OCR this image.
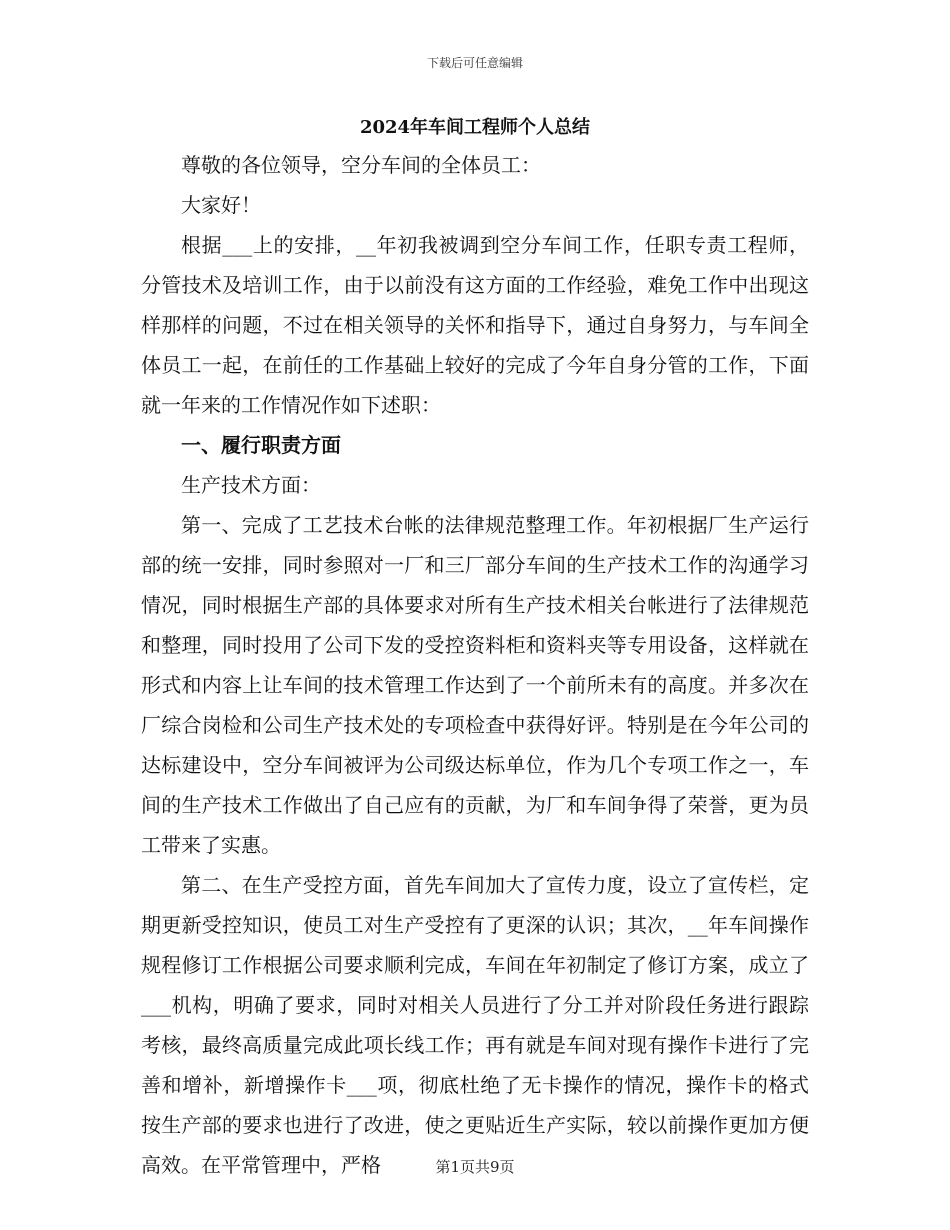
下载后可任意编辑
2024年车间工程师个人总结

尊敬的各位领导，空分车间的全体员工：

大家好！

根据___上的安排，__年初我被调到空分车间工作，任职专责工程师，分管技术及培训工作，由于以前没有这方面的工作经验，难免工作中出现这样那样的问题，不过在相关领导的关怀和指导下，通过自身努力，与车间全体员工一起，在前任的工作基础上较好的完成了今年自身分管的工作，下面就一年来的工作情况作如下述职：

一、履行职责方面

生产技术方面：

第一、完成了工艺技术台帐的法律规范整理工作。年初根据厂生产运行部的统一安排，同时参照对一厂和三厂部分车间的生产技术工作的沟通学习情况，同时根据生产部的具体要求对所有生产技术相关台帐进行了法律规范和整理，同时投用了公司下发的受控资料柜和资料夹等专用设备，这样就在形式和内容上让车间的技术管理工作达到了一个前所未有的高度。并多次在厂综合岗检和公司生产技术处的专项检查中获得好评。特别是在今年公司的达标建设中，空分车间被评为公司级达标单位，作为几个专项工作之一，车间的生产技术工作做出了自己应有的贡献，为厂和车间争得了荣誉，更为员工带来了实惠。

第二、在生产受控方面，首先车间加大了宣传力度，设立了宣传栏，定期更新受控知识，使员工对生产受控有了更深的认识；其次，__年车间操作规程修订工作根据公司要求顺利完成，车间在年初制定了修订方案，成立了___机构，明确了要求，同时对相关人员进行了分工并对阶段任务进行跟踪考核，最终高质量完成此项长线工作；再有就是车间对现有操作卡进行了完善和增补，新增操作卡___项，彻底杜绝了无卡操作的情况，操作卡的格式按生产部的要求也进行了改进，使之更贴近生产实际，较以前操作更加方便高效。在平常管理中，严格	第1页共9页
